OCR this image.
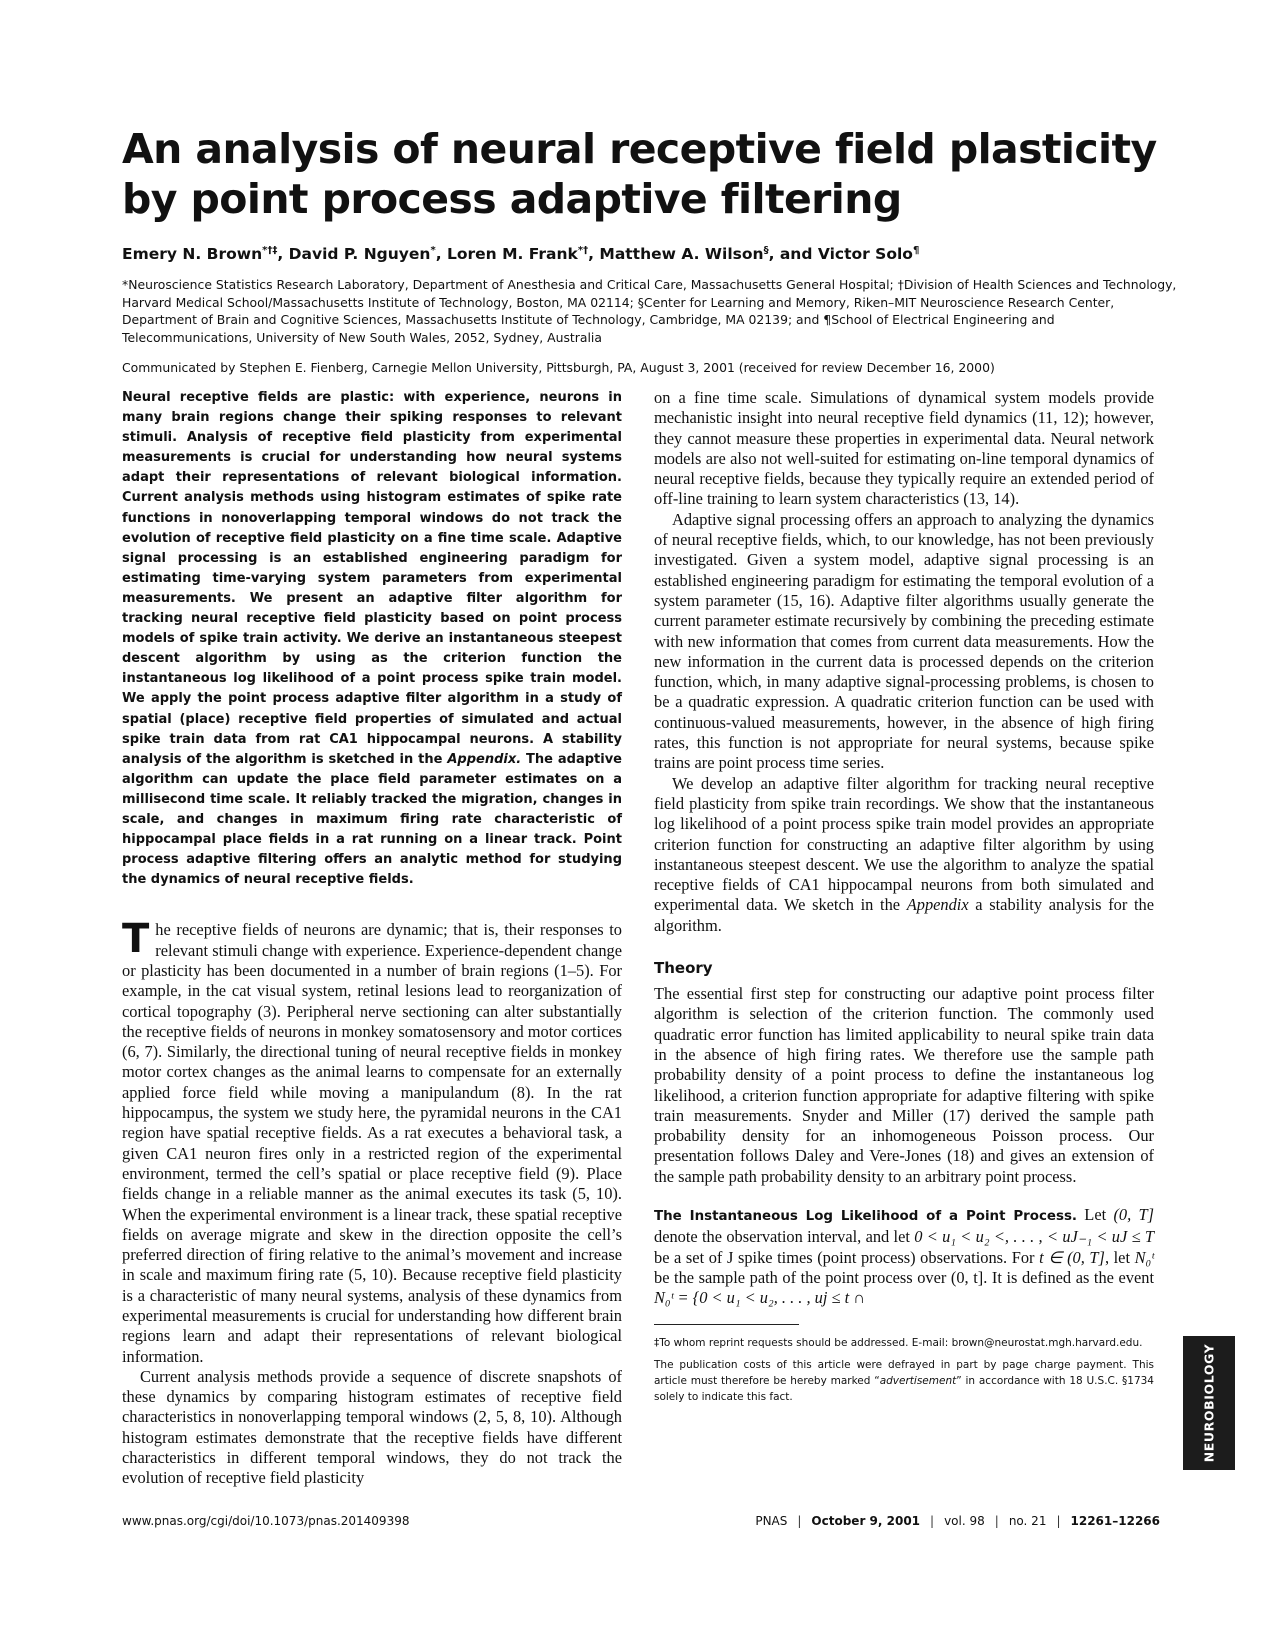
An analysis of neural receptive field plasticity by point process adaptive filtering

Emery N. Brown*†‡, David P. Nguyen*, Loren M. Frank*†, Matthew A. Wilson§, and Victor Solo¶

*Neuroscience Statistics Research Laboratory, Department of Anesthesia and Critical Care, Massachusetts General Hospital; †Division of Health Sciences and Technology, Harvard Medical School/Massachusetts Institute of Technology, Boston, MA 02114; §Center for Learning and Memory, Riken–MIT Neuroscience Research Center, Department of Brain and Cognitive Sciences, Massachusetts Institute of Technology, Cambridge, MA 02139; and ¶School of Electrical Engineering and Telecommunications, University of New South Wales, 2052, Sydney, Australia

Communicated by Stephen E. Fienberg, Carnegie Mellon University, Pittsburgh, PA, August 3, 2001 (received for review December 16, 2000)

Neural receptive fields are plastic: with experience, neurons in many brain regions change their spiking responses to relevant stimuli. Analysis of receptive field plasticity from experimental measurements is crucial for understanding how neural systems adapt their representations of relevant biological information. Current analysis methods using histogram estimates of spike rate functions in nonoverlapping temporal windows do not track the evolution of receptive field plasticity on a fine time scale. Adaptive signal processing is an established engineering paradigm for estimating time-varying system parameters from experimental measurements. We present an adaptive filter algorithm for tracking neural receptive field plasticity based on point process models of spike train activity. We derive an instantaneous steepest descent algorithm by using as the criterion function the instantaneous log likelihood of a point process spike train model. We apply the point process adaptive filter algorithm in a study of spatial (place) receptive field properties of simulated and actual spike train data from rat CA1 hippocampal neurons. A stability analysis of the algorithm is sketched in the Appendix. The adaptive algorithm can update the place field parameter estimates on a millisecond time scale. It reliably tracked the migration, changes in scale, and changes in maximum firing rate characteristic of hippocampal place fields in a rat running on a linear track. Point process adaptive filtering offers an analytic method for studying the dynamics of neural receptive fields.

The receptive fields of neurons are dynamic; that is, their responses to relevant stimuli change with experience. Experience-dependent change or plasticity has been documented in a number of brain regions (1–5). For example, in the cat visual system, retinal lesions lead to reorganization of cortical topography (3). Peripheral nerve sectioning can alter substantially the receptive fields of neurons in monkey somatosensory and motor cortices (6, 7). Similarly, the directional tuning of neural receptive fields in monkey motor cortex changes as the animal learns to compensate for an externally applied force field while moving a manipulandum (8). In the rat hippocampus, the system we study here, the pyramidal neurons in the CA1 region have spatial receptive fields. As a rat executes a behavioral task, a given CA1 neuron fires only in a restricted region of the experimental environment, termed the cell’s spatial or place receptive field (9). Place fields change in a reliable manner as the animal executes its task (5, 10). When the experimental environment is a linear track, these spatial receptive fields on average migrate and skew in the direction opposite the cell’s preferred direction of firing relative to the animal’s movement and increase in scale and maximum firing rate (5, 10). Because receptive field plasticity is a characteristic of many neural systems, analysis of these dynamics from experimental measurements is crucial for understanding how different brain regions learn and adapt their representations of relevant biological information.

Current analysis methods provide a sequence of discrete snapshots of these dynamics by comparing histogram estimates of receptive field characteristics in nonoverlapping temporal windows (2, 5, 8, 10). Although histogram estimates demonstrate that the receptive fields have different characteristics in different temporal windows, they do not track the evolution of receptive field plasticity

on a fine time scale. Simulations of dynamical system models provide mechanistic insight into neural receptive field dynamics (11, 12); however, they cannot measure these properties in experimental data. Neural network models are also not well-suited for estimating on-line temporal dynamics of neural receptive fields, because they typically require an extended period of off-line training to learn system characteristics (13, 14).

Adaptive signal processing offers an approach to analyzing the dynamics of neural receptive fields, which, to our knowledge, has not been previously investigated. Given a system model, adaptive signal processing is an established engineering paradigm for estimating the temporal evolution of a system parameter (15, 16). Adaptive filter algorithms usually generate the current parameter estimate recursively by combining the preceding estimate with new information that comes from current data measurements. How the new information in the current data is processed depends on the criterion function, which, in many adaptive signal-processing problems, is chosen to be a quadratic expression. A quadratic criterion function can be used with continuous-valued measurements, however, in the absence of high firing rates, this function is not appropriate for neural systems, because spike trains are point process time series.

We develop an adaptive filter algorithm for tracking neural receptive field plasticity from spike train recordings. We show that the instantaneous log likelihood of a point process spike train model provides an appropriate criterion function for constructing an adaptive filter algorithm by using instantaneous steepest descent. We use the algorithm to analyze the spatial receptive fields of CA1 hippocampal neurons from both simulated and experimental data. We sketch in the Appendix a stability analysis for the algorithm.

Theory

The essential first step for constructing our adaptive point process filter algorithm is selection of the criterion function. The commonly used quadratic error function has limited applicability to neural spike train data in the absence of high firing rates. We therefore use the sample path probability density of a point process to define the instantaneous log likelihood, a criterion function appropriate for adaptive filtering with spike train measurements. Snyder and Miller (17) derived the sample path probability density for an inhomogeneous Poisson process. Our presentation follows Daley and Vere-Jones (18) and gives an extension of the sample path probability density to an arbitrary point process.

The Instantaneous Log Likelihood of a Point Process. Let (0, T] denote the observation interval, and let 0 < u₁ < u₂ <, . . . , < uJ₋₁ < uJ ≤ T be a set of J spike times (point process) observations. For t ∈ (0, T], let N₀ᵗ be the sample path of the point process over (0, t]. It is defined as the event N₀ᵗ = {0 < u₁ < u₂, . . . , uj ≤ t ∩

‡To whom reprint requests should be addressed. E-mail: brown@neurostat.mgh.harvard.edu.

The publication costs of this article were defrayed in part by page charge payment. This article must therefore be hereby marked “advertisement” in accordance with 18 U.S.C. §1734 solely to indicate this fact.	NEUROBIOLOGY

www.pnas.org/cgi/doi/10.1073/pnas.201409398	PNAS | October 9, 2001 | vol. 98 | no. 21 | 12261–12266
